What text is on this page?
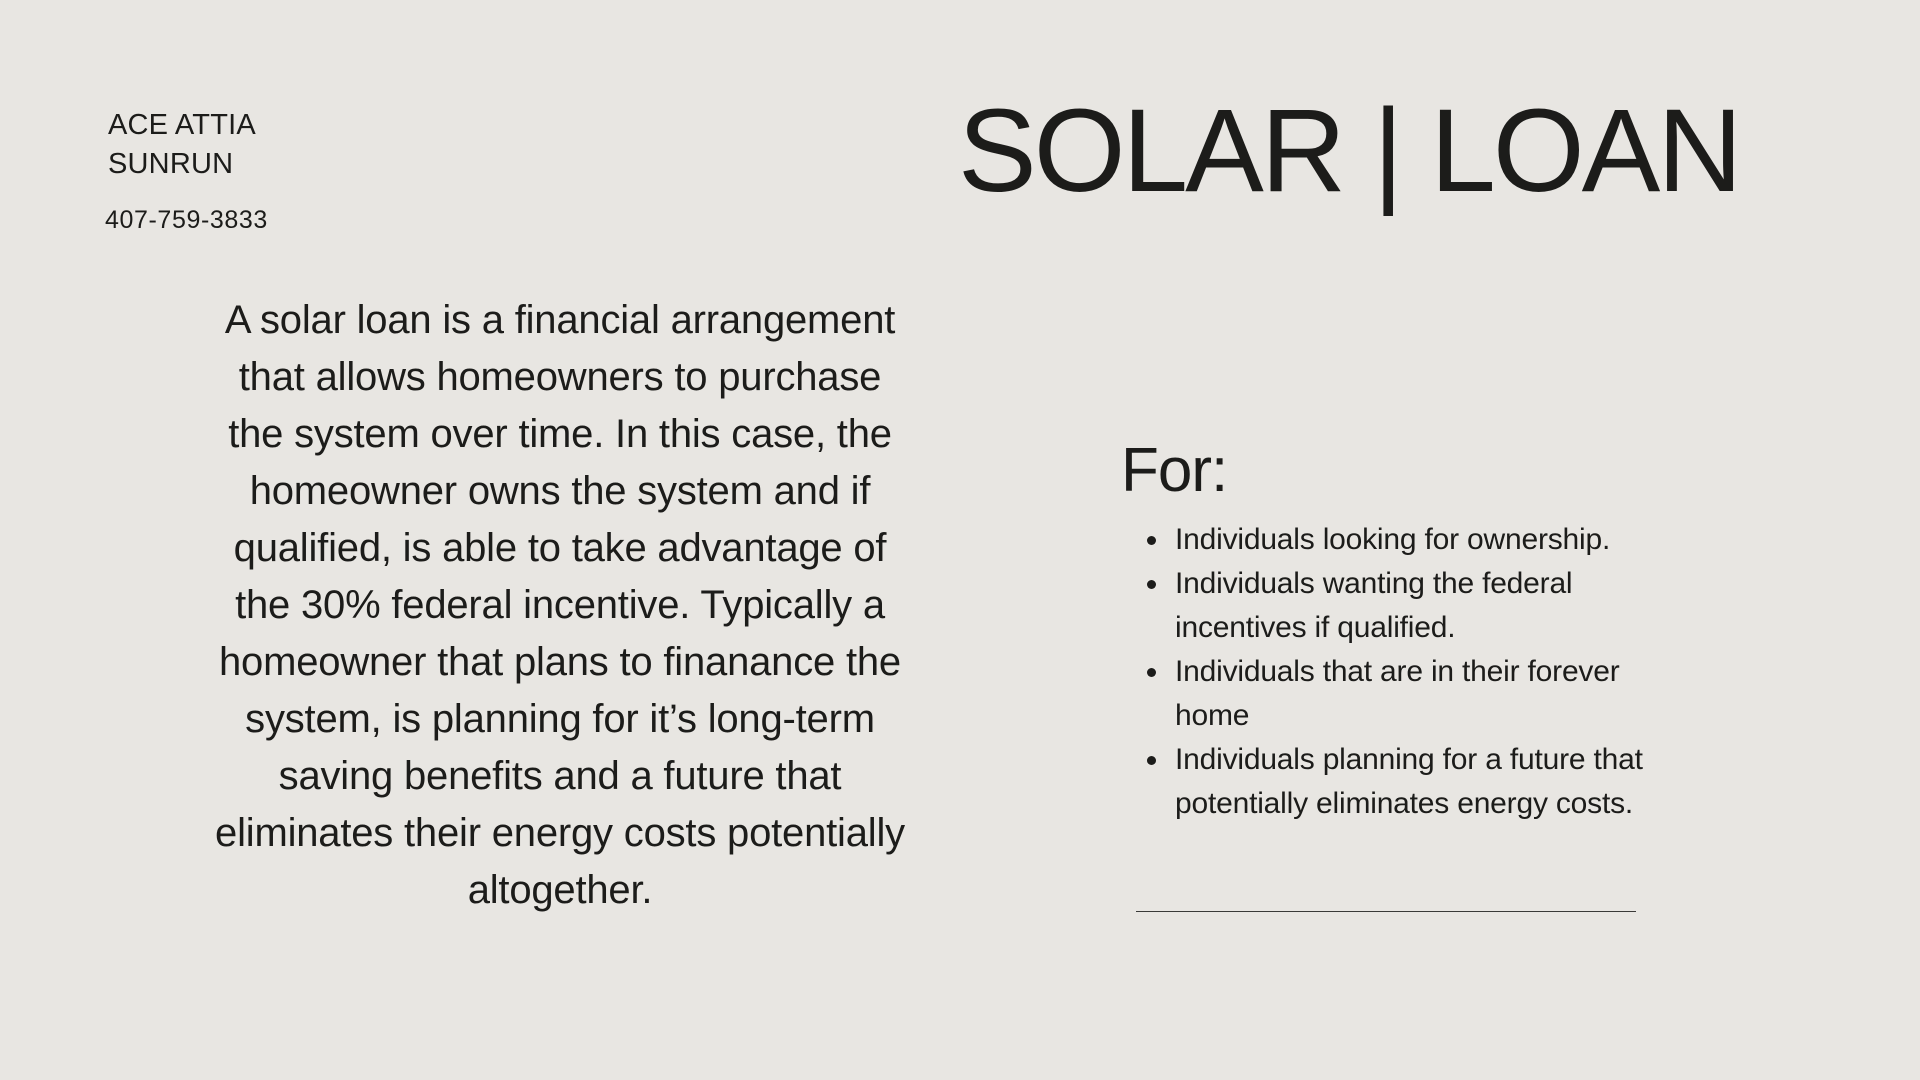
ACE ATTIA
SUNRUN
407-759-3833
SOLAR | LOAN

A solar loan is a financial arrangement that allows homeowners to purchase the system over time. In this case, the homeowner owns the system and if qualified, is able to take advantage of the 30% federal incentive. Typically a homeowner that plans to finanance the system, is planning for it’s long-term saving benefits and a future that eliminates their energy costs potentially altogether.

For:
• Individuals looking for ownership.
• Individuals wanting the federal incentives if qualified.
• Individuals that are in their forever home
• Individuals planning for a future that potentially eliminates energy costs.
